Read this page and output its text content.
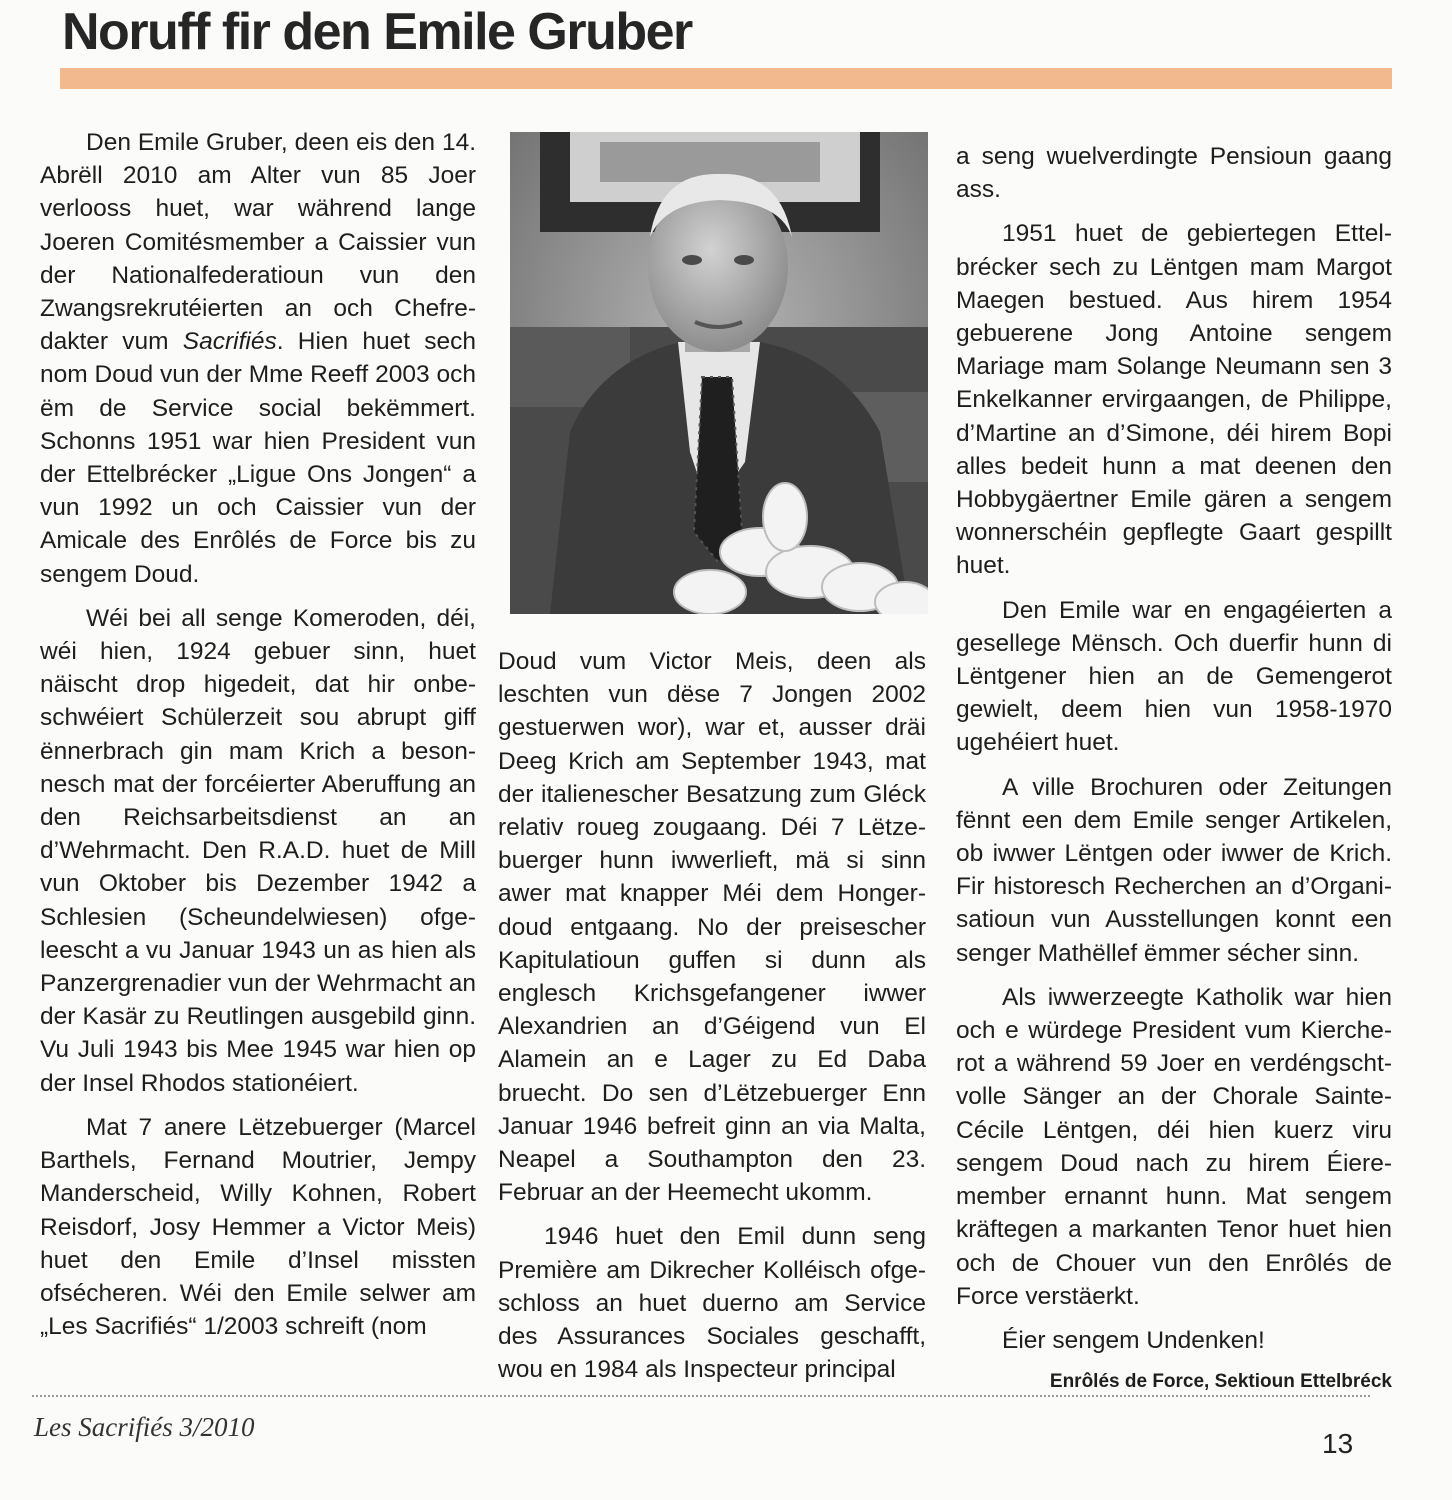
Noruff fir den Emile Gruber

Den Emile Gruber, deen eis den 14. Abrëll 2010 am Alter vun 85 Joer verlooss huet, war während lange Joeren Comitésmember a Caissier vun der Nationalfederatioun vun den Zwangsrekrutéierten an och Chefredakter vum Sacrifiés. Hien huet sech nom Doud vun der Mme Reeff 2003 och ëm de Service social bekëmmert. Schonns 1951 war hien President vun der Ettelbrécker „Ligue Ons Jongen“ a vun 1992 un och Caissier vun der Amicale des Enrôlés de Force bis zu sengem Doud.

Wéi bei all senge Komeroden, déi, wéi hien, 1924 gebuer sinn, huet näischt drop higedeit, dat hir onbeschwéiert Schülerzeit sou abrupt giff ënnerbrach gin mam Krich a besonnesch mat der forcéierter Aberuffung an den Reichsarbeitsdienst an an d’Wehrmacht. Den R.A.D. huet de Mill vun Oktober bis Dezember 1942 a Schlesien (Scheundelwiesen) ofgeleescht a vu Januar 1943 un as hien als Panzergrenadier vun der Wehrmacht an der Kasär zu Reutlingen ausgebild ginn. Vu Juli 1943 bis Mee 1945 war hien op der Insel Rhodos stationéiert.

Mat 7 anere Lëtzebuerger (Marcel Barthels, Fernand Moutrier, Jempy Manderscheid, Willy Kohnen, Robert Reisdorf, Josy Hemmer a Victor Meis) huet den Emile d’Insel missten ofsécheren. Wéi den Emile selwer am „Les Sacrifiés“ 1/2003 schreift (nom

Doud vum Victor Meis, deen als leschten vun dëse 7 Jongen 2002 gestuerwen wor), war et, ausser dräi Deeg Krich am September 1943, mat der italienescher Besatzung zum Gléck relativ roueg zougaang. Déi 7 Lëtzebuerger hunn iwwerlieft, mä si sinn awer mat knapper Méi dem Hongerdoud entgaang. No der preisescher Kapitulatioun guffen si dunn als englesch Krichsgefangener iwwer Alexandrien an d’Géigend vun El Alamein an e Lager zu Ed Daba bruecht. Do sen d’Lëtzebuerger Enn Januar 1946 befreit ginn an via Malta, Neapel a Southampton den 23. Februar an der Heemecht ukomm.

1946 huet den Emil dunn seng Première am Dikrecher Kolléisch ofgeschloss an huet duerno am Service des Assurances Sociales geschafft, wou en 1984 als Inspecteur principal

a seng wuelverdingte Pensioun gaang ass.

1951 huet de gebiertegen Ettelbrécker sech zu Lëntgen mam Margot Maegen bestued. Aus hirem 1954 gebuerene Jong Antoine sengem Mariage mam Solange Neumann sen 3 Enkelkanner ervirgaangen, de Philippe, d’Martine an d’Simone, déi hirem Bopi alles bedeit hunn a mat deenen den Hobbygäertner Emile gären a sengem wonnerschéin gepflegte Gaart gespillt huet.

Den Emile war en engagéierten a gesellege Mënsch. Och duerfir hunn di Lëntgener hien an de Gemengerot gewielt, deem hien vun 1958-1970 ugehéiert huet.

A ville Brochuren oder Zeitungen fënnt een dem Emile senger Artikelen, ob iwwer Lëntgen oder iwwer de Krich. Fir historesch Recherchen an d’Organisatioun vun Ausstellungen konnt een senger Mathëllef ëmmer sécher sinn.

Als iwwerzeegte Katholik war hien och e würdege President vum Kiercherot a während 59 Joer en verdéngschtvolle Sänger an der Chorale Sainte-Cécile Lëntgen, déi hien kuerz viru sengem Doud nach zu hirem Éieremember ernannt hunn. Mat sengem kräftegen a markanten Tenor huet hien och de Chouer vun den Enrôlés de Force verstäerkt.

Éier sengem Undenken!

Enrôlés de Force, Sektioun Ettelbréck
Les Sacrifiés 3/2010
13
